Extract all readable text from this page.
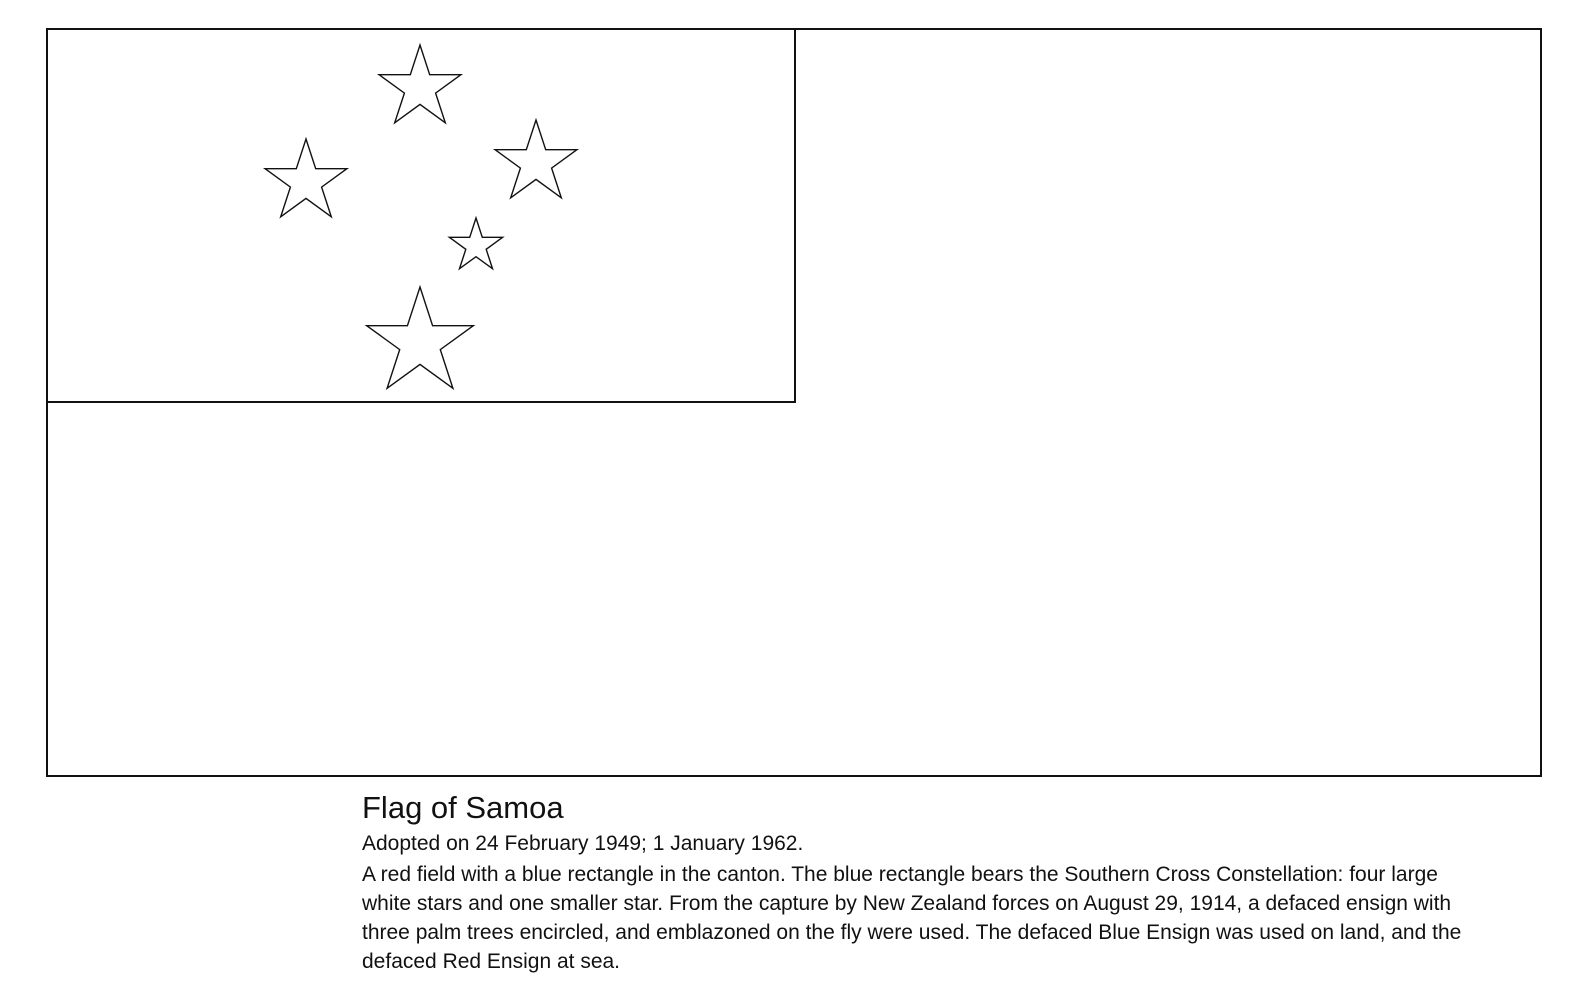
Flag of Samoa

Adopted on 24 February 1949; 1 January 1962.

A red field with a blue rectangle in the canton. The blue rectangle bears the Southern Cross Constellation: four large white stars and one smaller star. From the capture by New Zealand forces on August 29, 1914, a defaced ensign with three palm trees encircled, and emblazoned on the fly were used. The defaced Blue Ensign was used on land, and the defaced Red Ensign at sea.
